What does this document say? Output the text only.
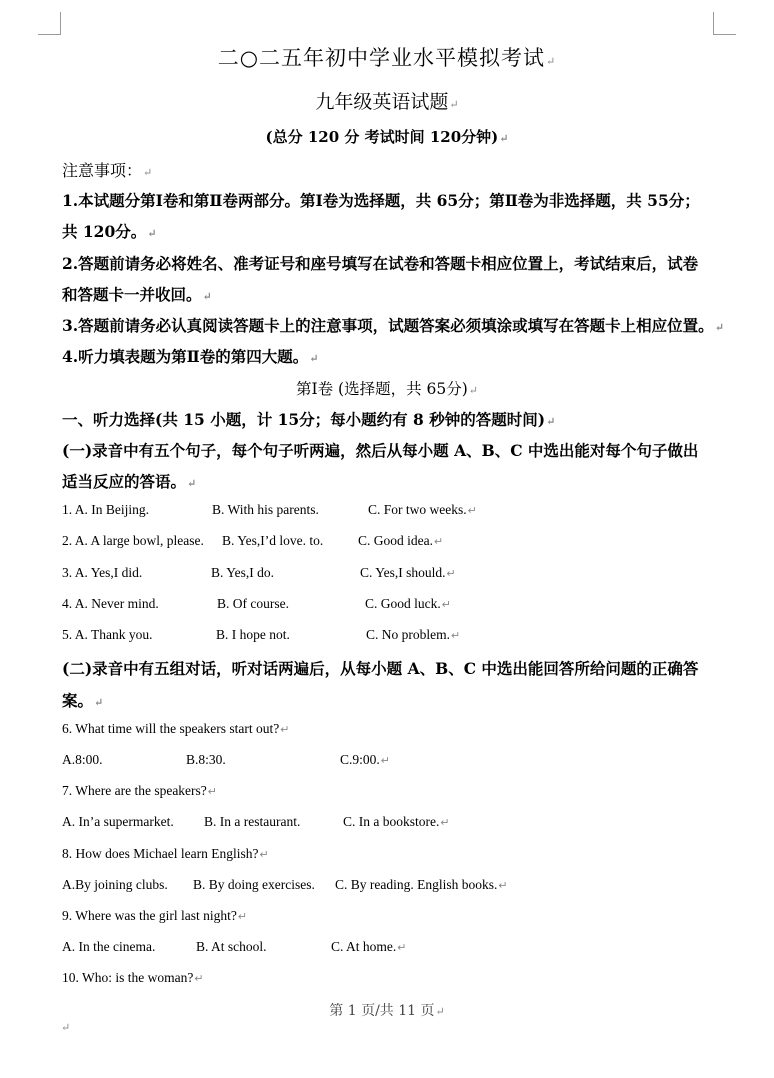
二○二五年初中学业水平模拟考试↵
九年级英语试题↵
(总分 120 分 考试时间 120分钟)↵
注意事项：↵
1.本试题分第Ⅰ卷和第Ⅱ卷两部分。第Ⅰ卷为选择题，共 65分；第Ⅱ卷为非选择题，共 55分；
共 120分。↵
2.答题前请务必将姓名、准考证号和座号填写在试卷和答题卡相应位置上，考试结束后，试卷
和答题卡一并收回。↵
3.答题前请务必认真阅读答题卡上的注意事项，试题答案必须填涂或填写在答题卡上相应位置。↵
4.听力填表题为第Ⅱ卷的第四大题。↵
第Ⅰ卷 (选择题，共 65分)↵
一、听力选择(共 15 小题，计 15分；每小题约有 8 秒钟的答题时间)↵
(一)录音中有五个句子，每个句子听两遍，然后从每小题 A、B、C 中选出能对每个句子做出
适当反应的答语。↵
1. A. In Beijing.	B. With his parents.	C. For two weeks.↵
2. A. A large bowl, please. B. Yes,I’d love. to.	C. Good idea.↵
3. A. Yes,I did.	B. Yes,I do.	C. Yes,I should.↵
4. A. Never mind.	B. Of course.	C. Good luck.↵
5. A. Thank you.	B. I hope not.	C. No problem.↵
(二)录音中有五组对话，听对话两遍后，从每小题 A、B、C 中选出能回答所给问题的正确答
案。↵
6. What time will the speakers start out?↵
A.8:00.	B.8:30.	C.9:00.↵
7. Where are the speakers?↵
A. In’a supermarket. B. In a restaurant.	C. In a bookstore.↵
8. How does Michael learn English?↵
A.By joining clubs. B. By doing exercises. C. By reading. English books.↵
9. Where was the girl last night?↵
A. In the cinema.	B. At school.	C. At home.↵
10. Who: is the woman?↵
第 1 页/共 11 页↵
↵
